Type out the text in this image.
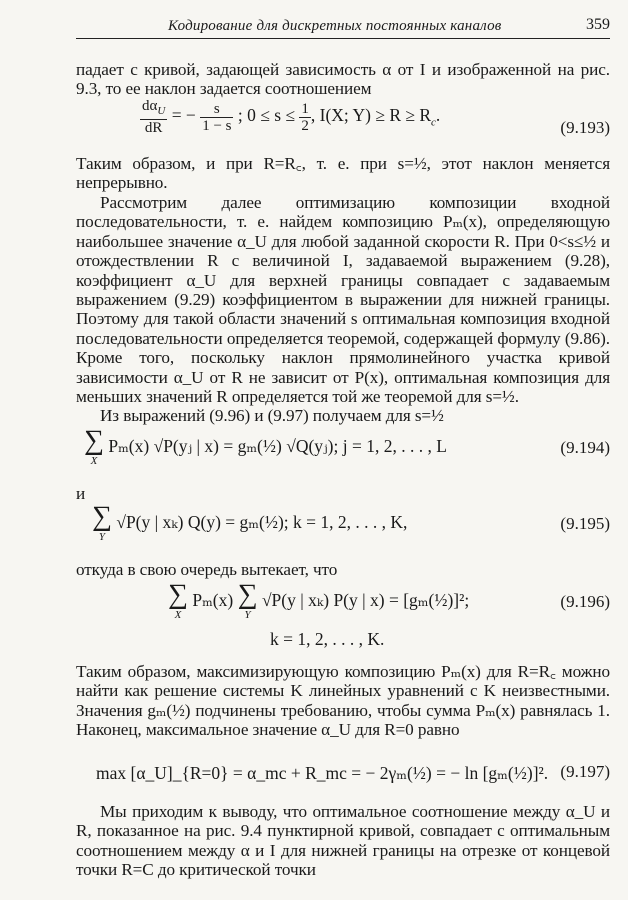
Кодирование для дискретных постоянных каналов	359

падает с кривой, задающей зависимость α от I и изображенной на рис. 9.3, то ее наклон задается соотношением

$\frac{d\alpha_U}{dR}$ = − $\frac{s}{1 - s}$ ; $0 \le s \le \frac{1}{2}$ , I(X; $Y) \ge R \ge R_c$.
(9.193)

Таким образом, и при R=R꜀, т. е. при s=½, этот наклон меняется непрерывно.

Рассмотрим далее оптимизацию композиции входной последовательности, т. е. найдем композицию Pₘ(x), определяющую наибольшее значение α_U для любой заданной скорости R. При 0<s≤½ и отождествлении R с величиной I, задаваемой выражением (9.28), коэффициент α_U для верхней границы совпадает с задаваемым выражением (9.29) коэффициентом в выражении для нижней границы. Поэтому для такой области значений s оптимальная композиция входной последовательности определяется теоремой, содержащей формулу (9.86). Кроме того, поскольку наклон прямолинейного участка кривой зависимости α_U от R не зависит от P(x), оптимальная композиция для меньших значений R определяется той же теоремой для s=½.

Из выражений (9.96) и (9.97) получаем для s=½

∑
X
Pₘ(x) √P(yⱼ | x) = gₘ(½) √Q(yⱼ); j = 1, 2, . . . , L	(9.194)

и

∑
Y
√P(y | xₖ) Q(y) = gₘ(½); k = 1, 2, . . . , K,	(9.195)

откуда в свою очередь вытекает, что

∑
X
Pₘ(x) ∑
Y
√P(y | xₖ) P(y | x) = [gₘ(½)]²;	(9.196)
k = 1, 2, . . . , K.

Таким образом, максимизирующую композицию Pₘ(x) для R=R꜀ можно найти как решение системы K линейных уравнений с K неизвестными. Значения gₘ(½) подчинены требованию, чтобы сумма Pₘ(x) равнялась 1. Наконец, максимальное значение α_U для R=0 равно

max [α_U]_{R=0} = α_mc + R_mc = − 2γₘ(½) = − ln [gₘ(½)]². (9.197)

Мы приходим к выводу, что оптимальное соотношение между α_U и R, показанное на рис. 9.4 пунктирной кривой, совпадает с оптимальным соотношением между α и I для нижней границы на отрезке от концевой точки R=C до критической точки
